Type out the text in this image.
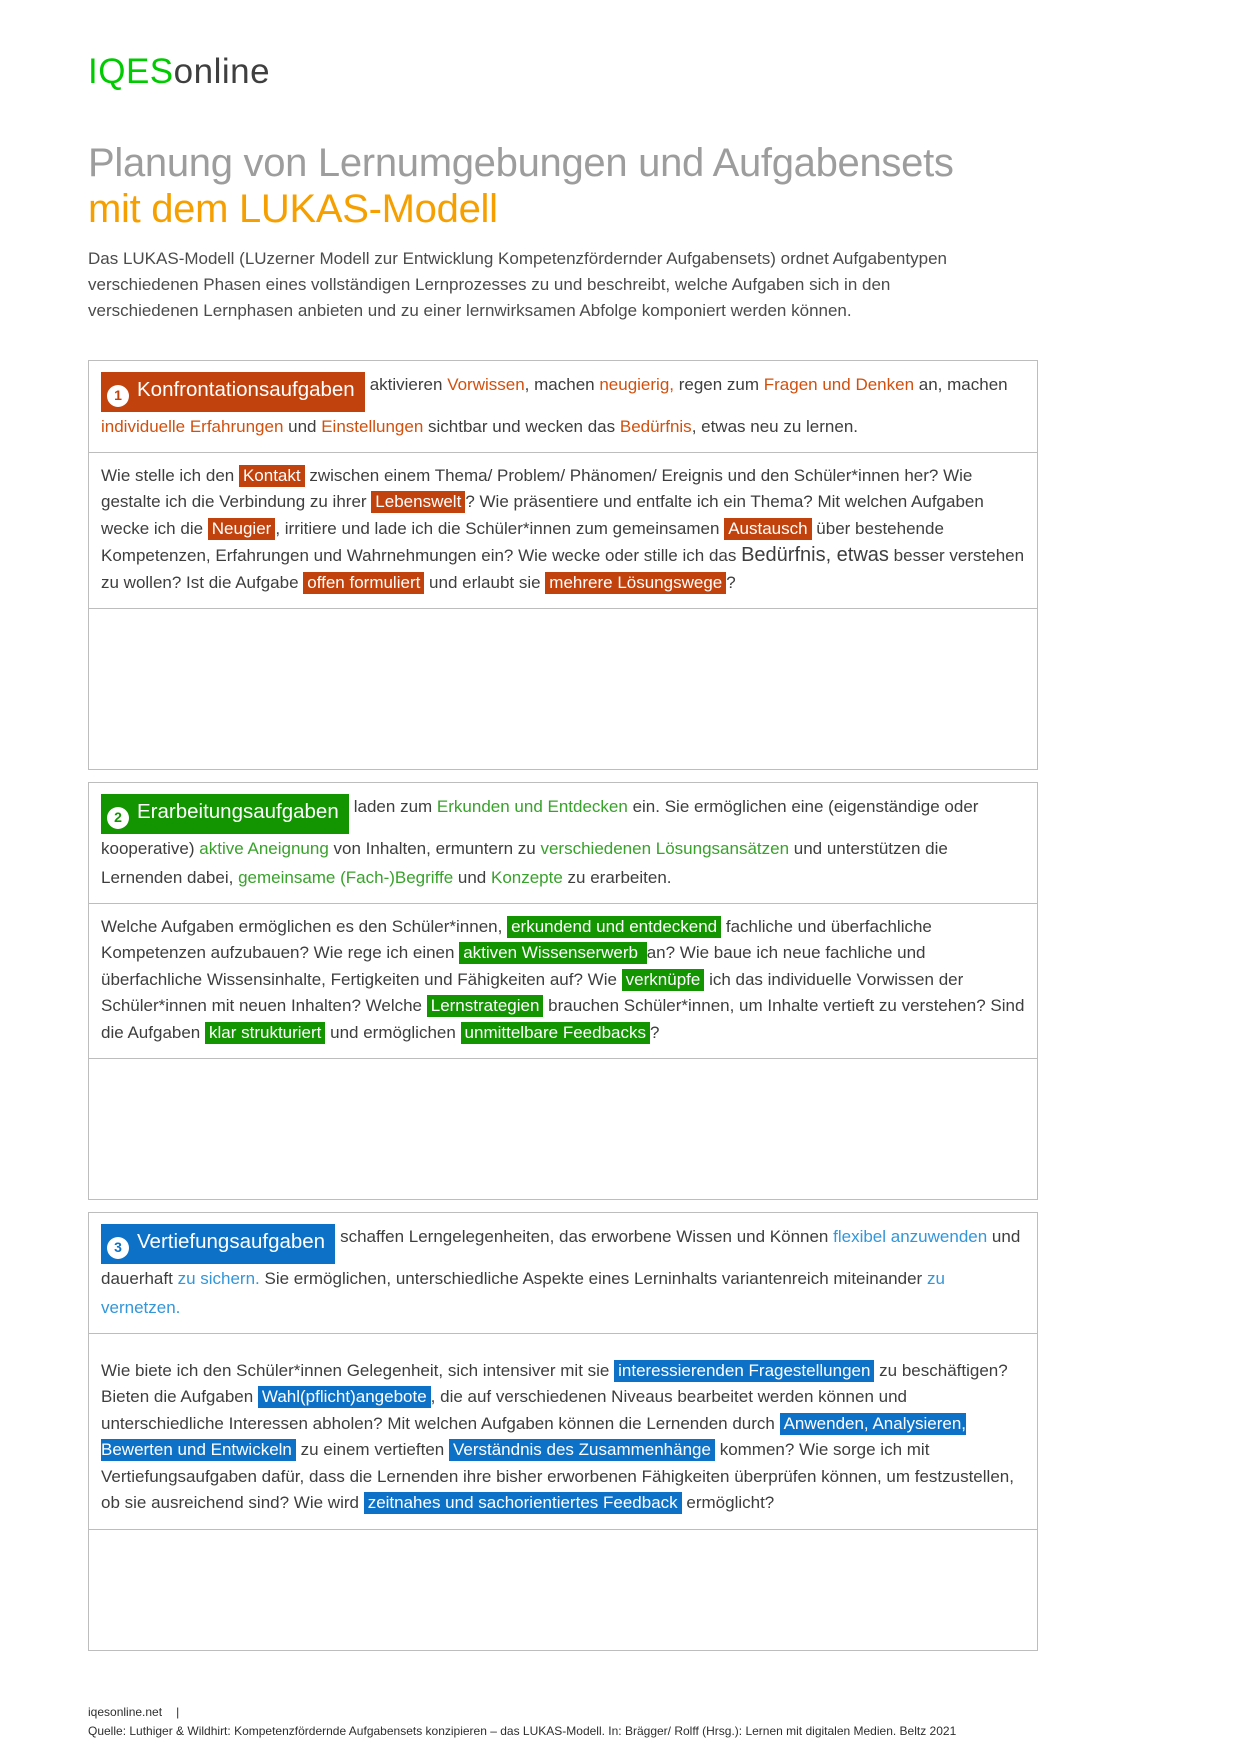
IQESonline
Planung von Lernumgebungen und Aufgabensets
mit dem LUKAS-Modell

Das LUKAS-Modell (LUzerner Modell zur Entwicklung Kompetenzfördernder Aufgabensets) ordnet Aufgabentypen verschiedenen Phasen eines vollständigen Lernprozesses zu und beschreibt, welche Aufgaben sich in den verschiedenen Lernphasen anbieten und zu einer lernwirksamen Abfolge komponiert werden können.

1 Konfrontationsaufgaben aktivieren Vorwissen, machen neugierig, regen zum Fragen und Denken an, machen individuelle Erfahrungen und Einstellungen sichtbar und wecken das Bedürfnis, etwas neu zu lernen.

Wie stelle ich den Kontakt zwischen einem Thema/ Problem/ Phänomen/ Ereignis und den Schüler*innen her? Wie gestalte ich die Verbindung zu ihrer Lebenswelt ? Wie präsentiere und entfalte ich ein Thema? Mit welchen Aufgaben wecke ich die Neugier , irritiere und lade ich die Schüler*innen zum gemeinsamen Austausch über bestehende Kompetenzen, Erfahrungen und Wahrnehmungen ein? Wie wecke oder stille ich das Bedürfnis, etwas besser verstehen zu wollen? Ist die Aufgabe offen formuliert und erlaubt sie mehrere Lösungswege ?

2 Erarbeitungsaufgaben laden zum Erkunden und Entdecken ein. Sie ermöglichen eine (eigenständige oder kooperative) aktive Aneignung von Inhalten, ermuntern zu verschiedenen Lösungsansätzen und unterstützen die Lernenden dabei, gemeinsame (Fach-)Begriffe und Konzepte zu erarbeiten.

Welche Aufgaben ermöglichen es den Schüler*innen, erkundend und entdeckend fachliche und überfachliche Kompetenzen aufzubauen? Wie rege ich einen aktiven Wissenserwerb an? Wie baue ich neue fachliche und überfachliche Wissensinhalte, Fertigkeiten und Fähigkeiten auf? Wie verknüpfe ich das individuelle Vorwissen der Schüler*innen mit neuen Inhalten? Welche Lernstrategien brauchen Schüler*innen, um Inhalte vertieft zu verstehen? Sind die Aufgaben klar strukturiert und ermöglichen unmittelbare Feedbacks ?

3 Vertiefungsaufgaben schaffen Lerngelegenheiten, das erworbene Wissen und Können flexibel anzuwenden und dauerhaft zu sichern. Sie ermöglichen, unterschiedliche Aspekte eines Lerninhalts variantenreich miteinander zu vernetzen.

Wie biete ich den Schüler*innen Gelegenheit, sich intensiver mit sie interessierenden Fragestellungen zu beschäftigen? Bieten die Aufgaben Wahl(pflicht)angebote , die auf verschiedenen Niveaus bearbeitet werden können und unterschiedliche Interessen abholen? Mit welchen Aufgaben können die Lernenden durch Anwenden, Analysieren, Bewerten und Entwickeln zu einem vertieften Verständnis des Zusammenhänge kommen? Wie sorge ich mit Vertiefungsaufgaben dafür, dass die Lernenden ihre bisher erworbenen Fähigkeiten überprüfen können, um festzustellen, ob sie ausreichend sind? Wie wird zeitnahes und sachorientiertes Feedback ermöglicht?

iqesonline.net |
Quelle: Luthiger & Wildhirt: Kompetenzfördernde Aufgabensets konzipieren – das LUKAS-Modell. In: Brägger/ Rolff (Hrsg.): Lernen mit digitalen Medien. Beltz 2021
